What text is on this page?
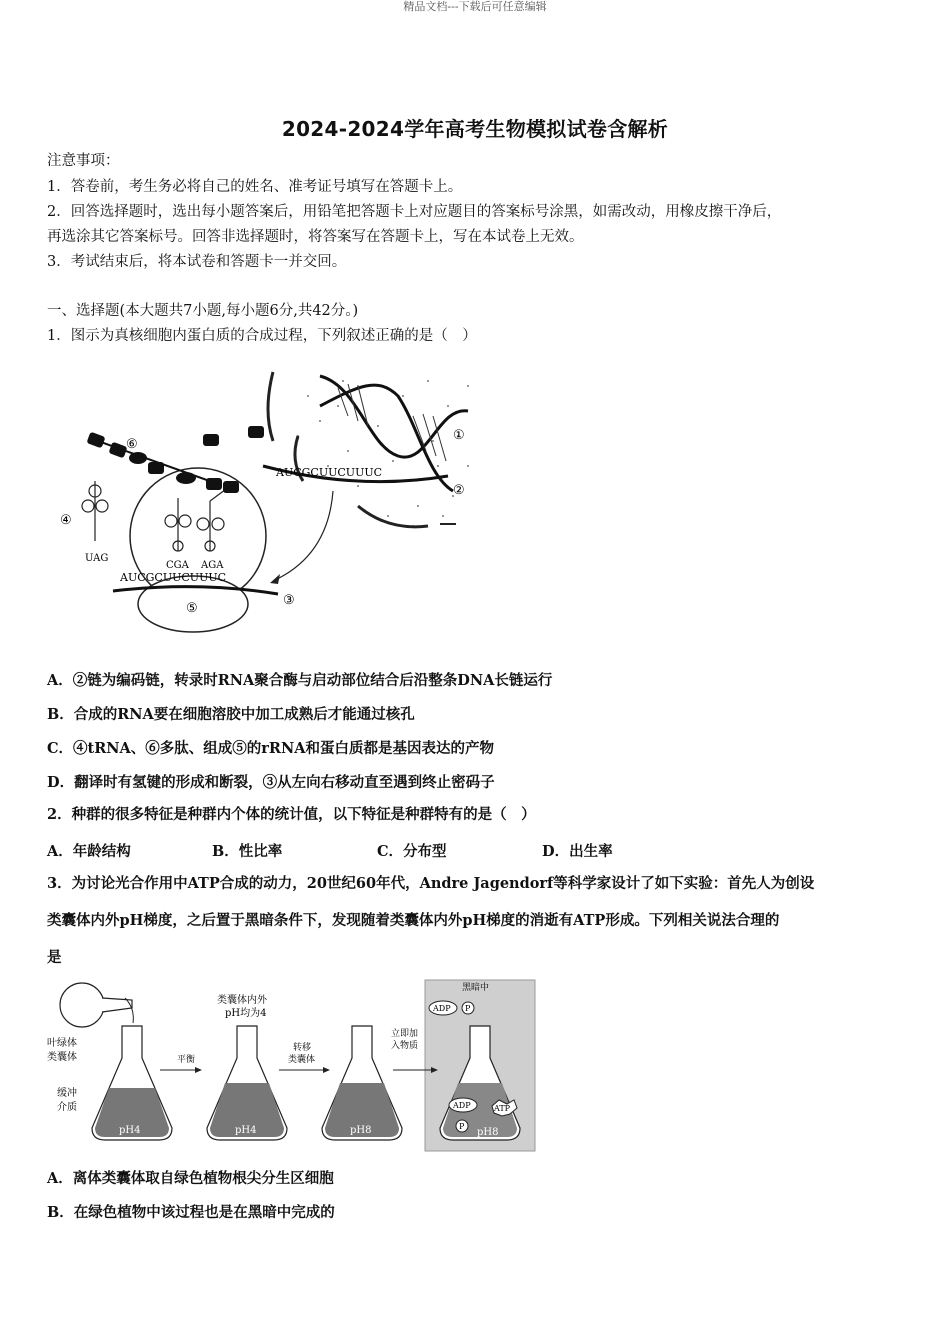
精品文档---下载后可任意编辑
2024-2024学年高考生物模拟试卷含解析
注意事项：
1．答卷前，考生务必将自己的姓名、准考证号填写在答题卡上。
2．回答选择题时，选出每小题答案后，用铅笔把答题卡上对应题目的答案标号涂黑，如需改动，用橡皮擦干净后，
再选涂其它答案标号。回答非选择题时，将答案写在答题卡上，写在本试卷上无效。
3．考试结束后，将本试卷和答题卡一并交回。
一、选择题(本大题共7小题,每小题6分,共42分。)
1．图示为真核细胞内蛋白质的合成过程，下列叙述正确的是（　）
AUCGCUUCUUUC
①
②
③
⑤
AUCGCUUCUUUC
UAG
④
CGA AGA
⑥
A．②链为编码链，转录时RNA聚合酶与启动部位结合后沿整条DNA长链运行
B．合成的RNA要在细胞溶胶中加工成熟后才能通过核孔
C．④tRNA、⑥多肽、组成⑤的rRNA和蛋白质都是基因表达的产物
D．翻译时有氢键的形成和断裂，③从左向右移动直至遇到终止密码子
2．种群的很多特征是种群内个体的统计值，以下特征是种群特有的是（　）
A．年龄结构	B．性比率	C．分布型	D．出生率
3．为讨论光合作用中ATP合成的动力，20世纪60年代，Andre Jagendorf等科学家设计了如下实验：首先人为创设
类囊体内外pH梯度，之后置于黑暗条件下，发现随着类囊体内外pH梯度的消逝有ATP形成。下列相关说法合理的
是
叶绿体
类囊体
缓冲
介质
pH4
平衡
类囊体内外
pH均为4
pH4
转移
类囊体
pH8
立即加
入物质
黑暗中
ADP P
ADP
P
ATP
pH8
A．离体类囊体取自绿色植物根尖分生区细胞
B．在绿色植物中该过程也是在黑暗中完成的
